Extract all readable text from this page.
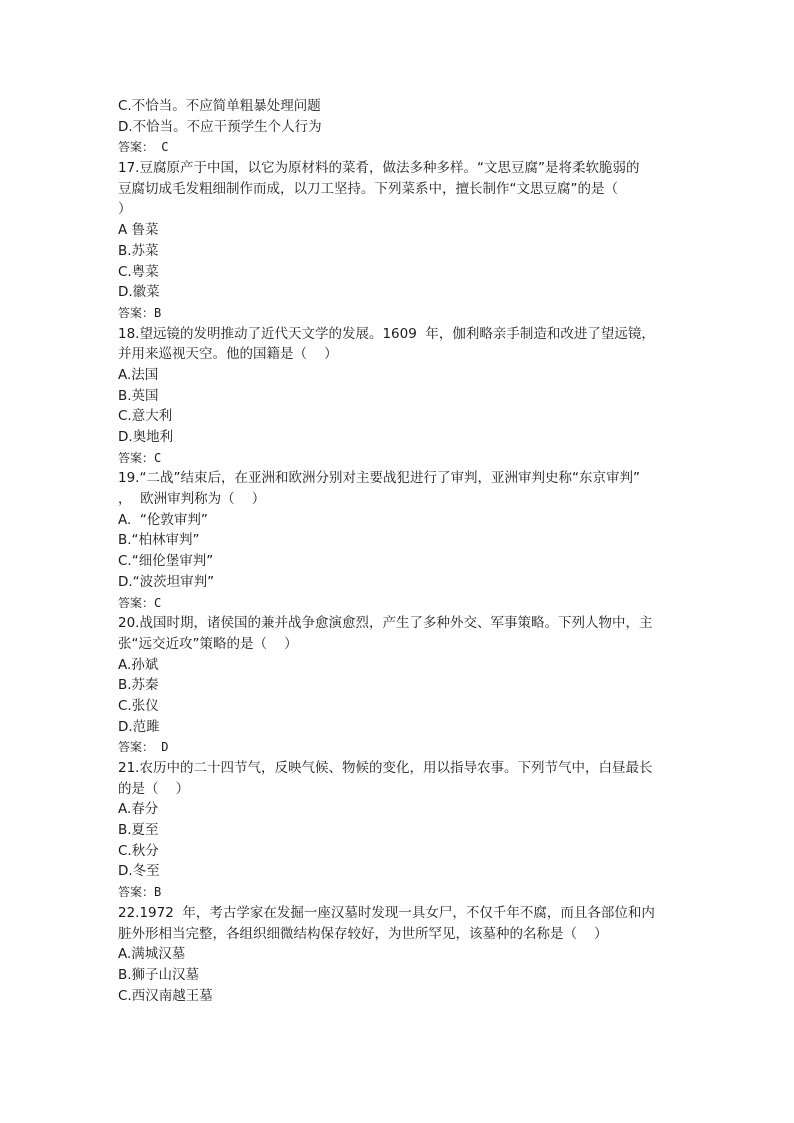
C.不恰当。不应简单粗暴处理问题
D.不恰当。不应干预学生个人行为
答案： C
17.豆腐原产于中国，以它为原材料的菜肴，做法多种多样。“文思豆腐”是将柔软脆弱的
豆腐切成毛发粗细制作而成，以刀工坚持。下列菜系中，擅长制作“文思豆腐”的是（
）
A 鲁菜
B.苏菜
C.粤菜
D.徽菜
答案：B
18.望远镜的发明推动了近代天文学的发展。1609  年，伽利略亲手制造和改进了望远镜，
并用来巡视天空。他的国籍是（    ）
A.法国
B.英国
C.意大利
D.奥地利
答案：C
19.“二战”结束后，在亚洲和欧洲分别对主要战犯进行了审判，亚洲审判史称“东京审判”
，  欧洲审判称为（    ）
A.  “伦敦审判”
B.“柏林审判”
C.“细伦堡审判”
D.“波茨坦审判”
答案：C
20.战国时期，诸侯国的兼并战争愈演愈烈，产生了多种外交、军事策略。下列人物中，主
张“远交近攻”策略的是（    ）
A.孙斌
B.苏秦
C.张仪
D.范雎
答案： D
21.农历中的二十四节气，反映气候、物候的变化，用以指导农事。下列节气中，白昼最长
的是（    ）
A.春分
B.夏至
C.秋分
D.冬至
答案：B
22.1972  年，考古学家在发掘一座汉墓时发现一具女尸，不仅千年不腐，而且各部位和内
脏外形相当完整，各组织细微结构保存较好，为世所罕见，该墓种的名称是（    ）
A.满城汉墓
B.狮子山汉墓
C.西汉南越王墓
